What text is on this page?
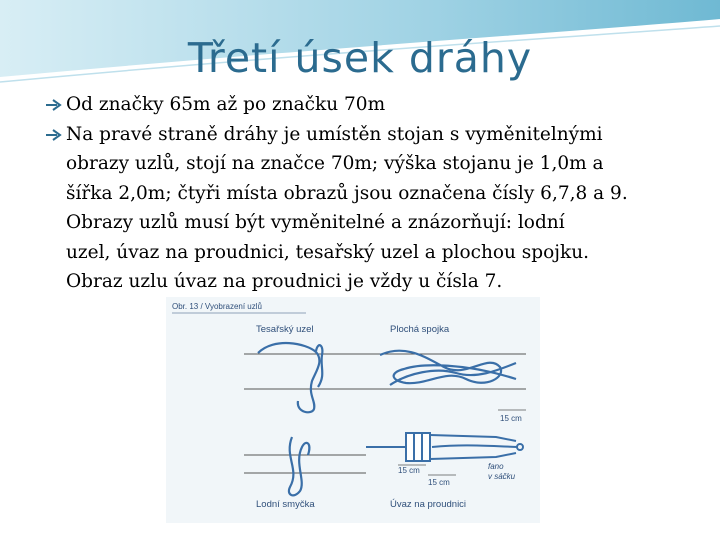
Třetí úsek dráhy
Od značky 65m až po značku 70m
Na pravé straně dráhy je umístěn stojan s vyměnitelnými
obrazy uzlů, stojí na značce 70m; výška stojanu je 1,0m a
šířka 2,0m; čtyři místa obrazů jsou označena čísly 6,7,8 a 9.
Obrazy uzlů musí být vyměnitelné a znázorňují: lodní
uzel, úvaz na proudnici, tesařský uzel a plochou spojku.
Obraz uzlu úvaz na proudnici je vždy u čísla 7.
Obr. 13 / Vyobrazení uzlů
Tesařský uzel	Plochá spojka
15 cm
Lodní smyčka
15 cm
15 cm
fano
v sáčku
Úvaz na proudnici
